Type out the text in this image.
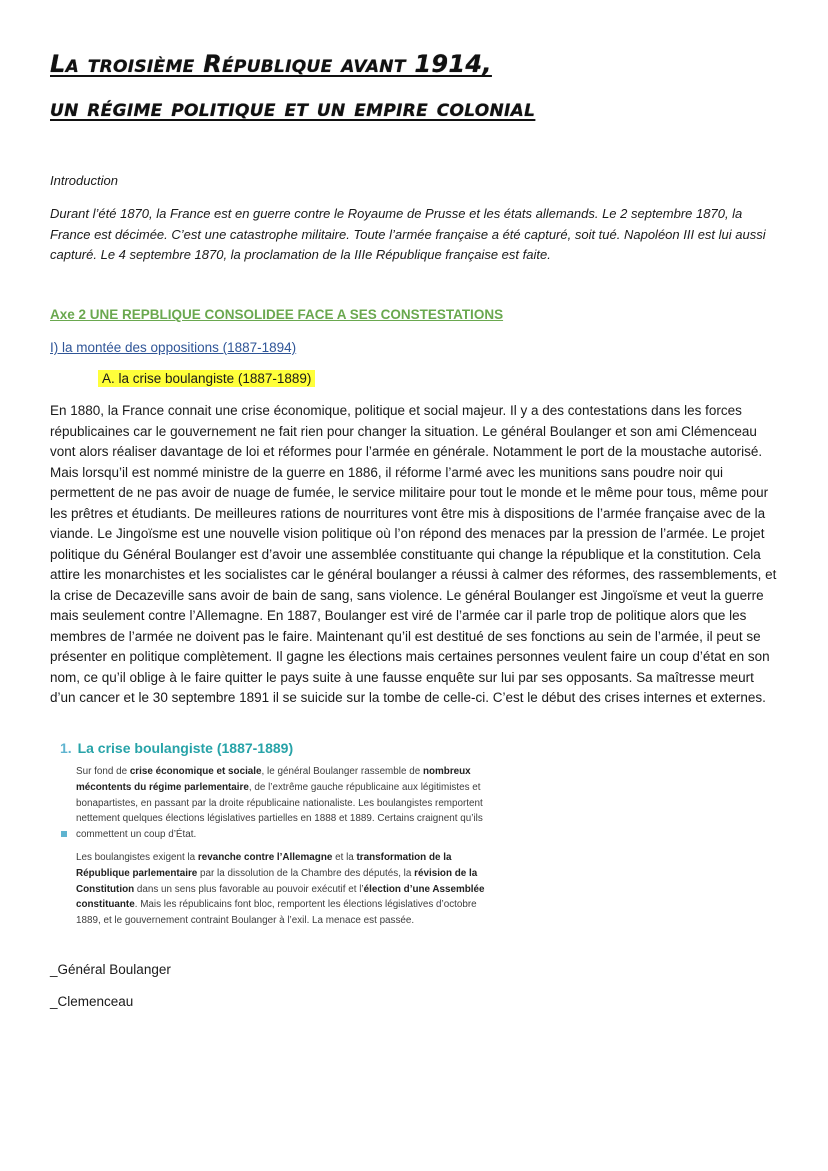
La troisième République avant 1914,
un régime politique et un empire colonial

Introduction

Durant l’été 1870, la France est en guerre contre le Royaume de Prusse et les états allemands. Le 2 septembre 1870, la France est décimée. C’est une catastrophe militaire. Toute l’armée française a été capturé, soit tué. Napoléon III est lui aussi capturé. Le 4 septembre 1870, la proclamation de la IIIe République française est faite.

Axe 2 UNE REPBLIQUE CONSOLIDEE FACE A SES CONSTESTATIONS

I) la montée des oppositions (1887-1894)

A. la crise boulangiste (1887-1889)

En 1880, la France connait une crise économique, politique et social majeur. Il y a des contestations dans les forces républicaines car le gouvernement ne fait rien pour changer la situation. Le général Boulanger et son ami Clémenceau vont alors réaliser davantage de loi et réformes pour l’armée en générale. Notamment le port de la moustache autorisé. Mais lorsqu’il est nommé ministre de la guerre en 1886, il réforme l’armé avec les munitions sans poudre noir qui permettent de ne pas avoir de nuage de fumée, le service militaire pour tout le monde et le même pour tous, même pour les prêtres et étudiants. De meilleures rations de nourritures vont être mis à dispositions de l’armée française avec de la viande. Le Jingoïsme est une nouvelle vision politique où l’on répond des menaces par la pression de l’armée. Le projet politique du Général Boulanger est d’avoir une assemblée constituante qui change la république et la constitution. Cela attire les monarchistes et les socialistes car le général boulanger a réussi à calmer des réformes, des rassemblements, et la crise de Decazeville sans avoir de bain de sang, sans violence. Le général Boulanger est Jingoïsme et veut la guerre mais seulement contre l’Allemagne. En 1887, Boulanger est viré de l’armée car il parle trop de politique alors que les membres de l’armée ne doivent pas le faire. Maintenant qu’il est destitué de ses fonctions au sein de l’armée, il peut se présenter en politique complètement. Il gagne les élections mais certaines personnes veulent faire un coup d’état en son nom, ce qu’il oblige à le faire quitter le pays suite à une fausse enquête sur lui par ses opposants. Sa maîtresse meurt d’un cancer et le 30 septembre 1891 il se suicide sur la tombe de celle-ci. C’est le début des crises internes et externes.

1. La crise boulangiste (1887-1889)

Sur fond de crise économique et sociale, le général Boulanger rassemble de nombreux mécontents du régime parlementaire, de l’extrême gauche républicaine aux légitimistes et bonapartistes, en passant par la droite républicaine nationaliste. Les boulangistes remportent nettement quelques élections législatives partielles en 1888 et 1889. Certains craignent qu’ils commettent un coup d’État.

Les boulangistes exigent la revanche contre l’Allemagne et la transformation de la République parlementaire par la dissolution de la Chambre des députés, la révision de la Constitution dans un sens plus favorable au pouvoir exécutif et l’élection d’une Assemblée constituante. Mais les républicains font bloc, remportent les élections législatives d’octobre 1889, et le gouvernement contraint Boulanger à l’exil. La menace est passée.

_Général Boulanger

_Clemenceau
